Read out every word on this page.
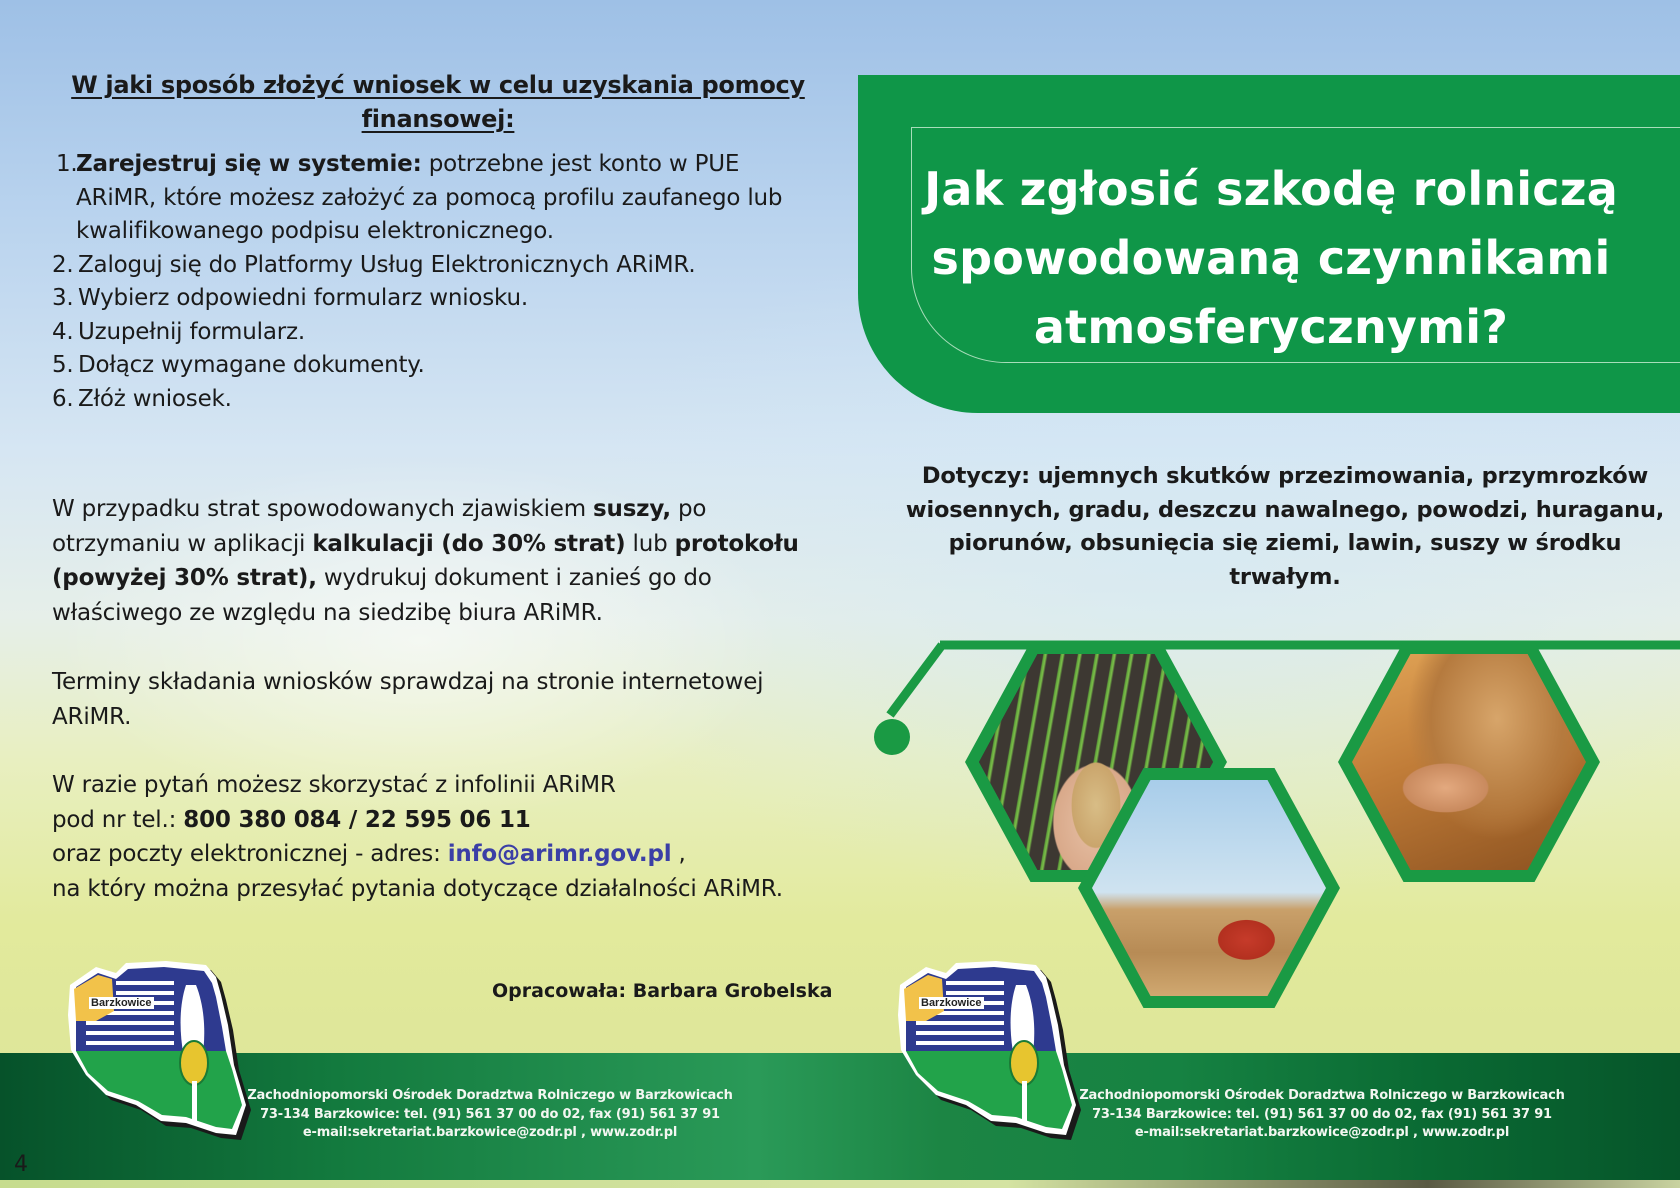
W jaki sposób złożyć wniosek w celu uzyskania pomocy finansowej:
1.
Zarejestruj się w systemie: potrzebne jest konto w PUE ARiMR, które możesz założyć za pomocą profilu zaufanego lub kwalifikowanego podpisu elektronicznego.
2. Zaloguj się do Platformy Usług Elektronicznych ARiMR.
3. Wybierz odpowiedni formularz wniosku.
4. Uzupełnij formularz.
5. Dołącz wymagane dokumenty.
6. Złóż wniosek.
W przypadku strat spowodowanych zjawiskiem suszy, po otrzymaniu w aplikacji kalkulacji (do 30% strat) lub protokołu (powyżej 30% strat), wydrukuj dokument i zanieś go do właściwego ze względu na siedzibę biura ARiMR.
Terminy składania wniosków sprawdzaj na stronie internetowej ARiMR.
W razie pytań możesz skorzystać z infolinii ARiMR
pod nr tel.: 800 380 084 / 22 595 06 11
oraz poczty elektronicznej - adres: info@arimr.gov.pl ,
na który można przesyłać pytania dotyczące działalności ARiMR.
Opracowała: Barbara Grobelska
Jak zgłosić szkodę rolniczą spowodowaną czynnikami atmosferycznymi?
Dotyczy: ujemnych skutków przezimowania, przymrozków wiosennych, gradu, deszczu nawalnego, powodzi, huraganu, piorunów, obsunięcia się ziemi, lawin, suszy w środku trwałym.
Zachodniopomorski Ośrodek Doradztwa Rolniczego w Barzkowicach
73-134 Barzkowice: tel. (91) 561 37 00 do 02, fax (91) 561 37 91
e-mail:sekretariat.barzkowice@zodr.pl , www.zodr.pl
Zachodniopomorski Ośrodek Doradztwa Rolniczego w Barzkowicach
73-134 Barzkowice: tel. (91) 561 37 00 do 02, fax (91) 561 37 91
e-mail:sekretariat.barzkowice@zodr.pl , www.zodr.pl
4
Barzkowice	Barzkowice
